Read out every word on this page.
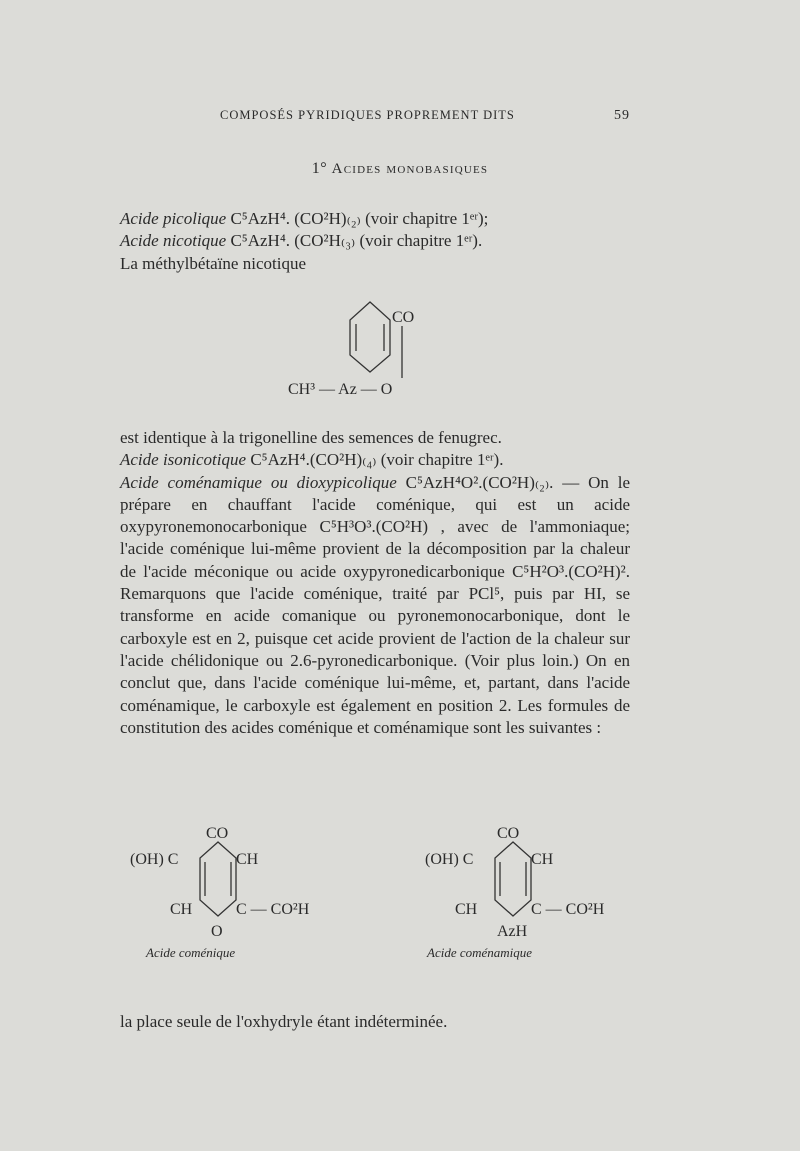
COMPOSÉS PYRIDIQUES PROPREMENT DITS	59
1° Acides monobasiques
Acide picolique C⁵AzH⁴. (CO²H)₍₂₎ (voir chapitre 1ᵉʳ);
Acide nicotique C⁵AzH⁴. (CO²H₍₃₎ (voir chapitre 1ᵉʳ).
La méthylbétaïne nicotique
CO
CH³ — Az — O

est identique à la trigonelline des semences de fenugrec.

Acide isonicotique C⁵AzH⁴.(CO²H)₍₄₎ (voir chapitre 1ᵉʳ).

Acide coménamique ou dioxypicolique C⁵AzH⁴O².(CO²H)₍₂₎. — On le prépare en chauffant l'acide coménique, qui est un acide oxypyronemonocarbonique C⁵H³O³.(CO²H) , avec de l'ammoniaque; l'acide coménique lui-même provient de la décomposition par la chaleur de l'acide méconique ou acide oxypyronedicarbonique C⁵H²O³.(CO²H)². Remarquons que l'acide coménique, traité par PCl⁵, puis par HI, se transforme en acide comanique ou pyronemonocarbonique, dont le carboxyle est en 2, puisque cet acide provient de l'action de la chaleur sur l'acide chélidonique ou 2.6-pyronedicarbonique. (Voir plus loin.) On en conclut que, dans l'acide coménique lui-même, et, partant, dans l'acide coménamique, le carboxyle est également en position 2. Les formules de constitution des acides coménique et coménamique sont les suivantes :

CO
(OH) C	CH
CH	C — CO²H
O
Acide coménique
CO
(OH) C	CH
CH	C — CO²H
AzH
Acide coménamique
la place seule de l'oxhydryle étant indéterminée.
